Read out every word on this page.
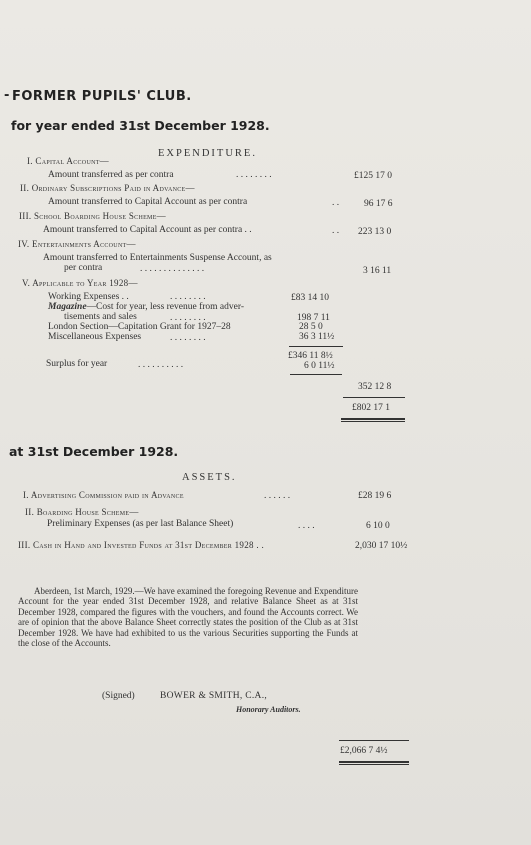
- FORMER PUPILS' CLUB.
for year ended 31st December 1928.
EXPENDITURE.
I. Capital Account—
Amount transferred as per contra	. . . . . . . .	£125 17 0
II. Ordinary Subscriptions Paid in Advance—
Amount transferred to Capital Account as per contra	. .	96 17 6
III. School Boarding House Scheme—
Amount transferred to Capital Account as per contra . .	. . 223 13 0
IV. Entertainments Account—
Amount transferred to Entertainments Suspense Account, as
per contra	. . . . . . . . . . . . . .	3 16 11
V. Applicable to Year 1928—
Working Expenses . .	. . . . . . . .	£83 14 10
Magazine—Cost for year, less revenue from adver-
tisements and sales	. . . . . . . .	198 7 11
London Section—Capitation Grant for 1927–28	28 5 0
Miscellaneous Expenses	. . . . . . . .	36 3 11½
£346 11 8½
Surplus for year	. . . . . . . . . .	6 0 11½
352 12 8
£802 17 1
at 31st December 1928.
ASSETS.
I. Advertising Commission paid in Advance	. . . . . .	£28 19 6
II. Boarding House Scheme—
Preliminary Expenses (as per last Balance Sheet)	. . . .	6 10 0
III. Cash in Hand and Invested Funds at 31st December 1928 . .	2,030 17 10½
Aberdeen, 1st March, 1929.—We have examined the foregoing Revenue and Expenditure Account for the year ended 31st December 1928, and relative Balance Sheet as at 31st December 1928, compared the figures with the vouchers, and found the Accounts correct. We are of opinion that the above Balance Sheet correctly states the position of the Club as at 31st December 1928. We have had exhibited to us the various Securities supporting the Funds at the close of the Accounts.
(Signed)	BOWER & SMITH, C.A.,
Honorary Auditors.
£2,066 7 4½
